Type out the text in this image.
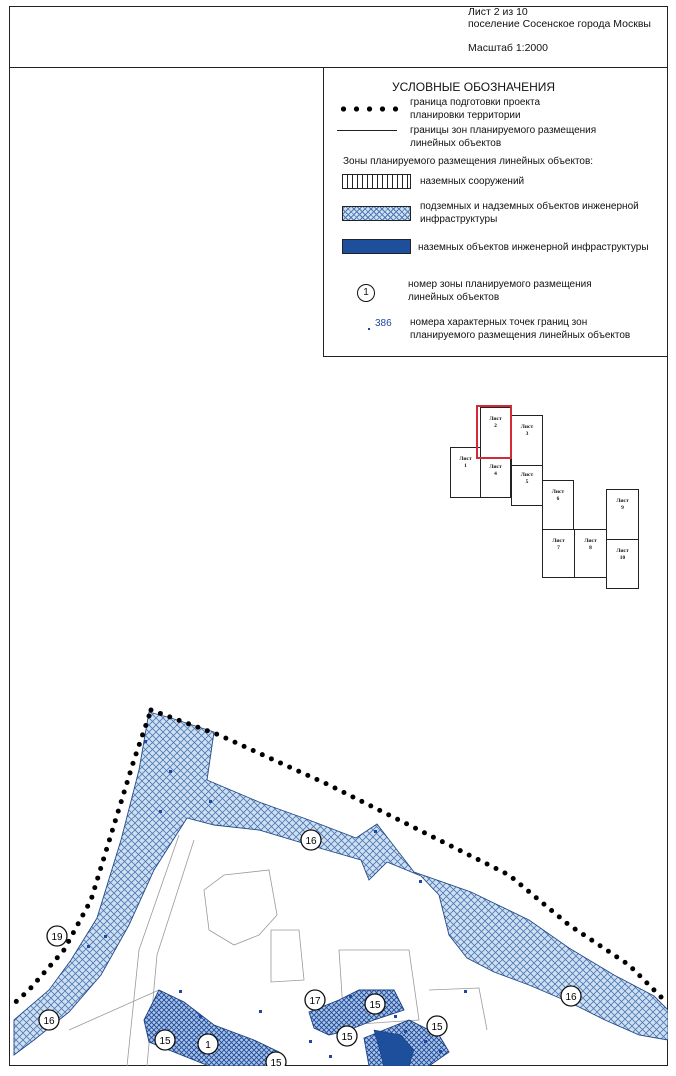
Лист 2 из 10
поселение Сосенское города Москвы
Масштаб 1:2000
УСЛОВНЫЕ ОБОЗНАЧЕНИЯ
граница подготовки проекта
планировки территории
границы зон планируемого размещения
линейных объектов
Зоны планируемого размещения линейных объектов:
наземных сооружений
подземных и надземных объектов инженерной
инфраструктуры
наземных объектов инженерной инфраструктуры
1
номер зоны планируемого размещения
линейных объектов
386 номера характерных точек границ зон
планируемого размещения линейных объектов
Лист
1
Лист
2
Лист
4
Лист
3
Лист
5
Лист
6
Лист
7
Лист
8
Лист
9
Лист
10
16
19
16
16
17	15
15
15
15	1
15
